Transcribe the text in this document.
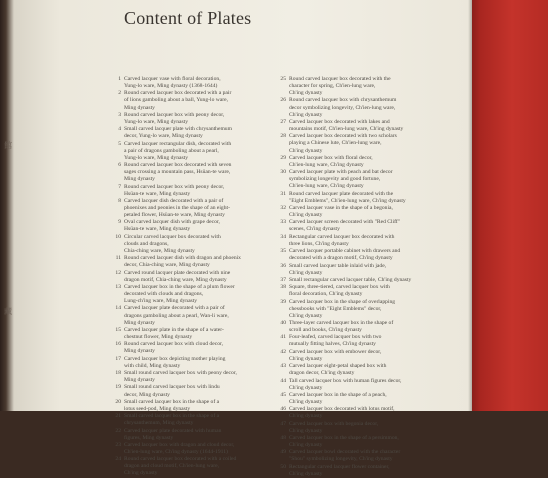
館
藏
Content of Plates
1 Carved lacquer vase with floral decoration,
Yung-lo ware, Ming dynasty (1368-1644)
2 Round carved lacquer box decorated with a pair
of lions gamboling about a ball, Yung-lo ware,
Ming dynasty
3 Round carved lacquer box with peony decor,
Yung-lo ware, Ming dynasty
4 Small carved lacquer plate with chrysanthemum
decor, Yung-lo ware, Ming dynasty
5 Carved lacquer rectangular dish, decorated with
a pair of dragons gamboling about a pearl,
Yung-lo ware, Ming dynasty
6 Round carved lacquer box decorated with seven
sages crossing a mountain pass, Hsüan-te ware,
Ming dynasty
7 Round carved lacquer box with peony decor,
Hsüan-te ware, Ming dynasty
8 Carved lacquer dish decorated with a pair of
phoenixes and peonies in the shape of an eight-
petaled flower, Hsüan-te ware, Ming dynasty
9 Oval carved lacquer dish with grape decor,
Hsüan-te ware, Ming dynasty
10 Circular carved lacquer box decorated with
clouds and dragons,
Chia-ching ware, Ming dynasty
11 Round carved lacquer dish with dragon and phoenix
decor, Chia-ching ware, Ming dynasty
12 Carved round lacquer plate decorated with nine
dragon motif, Chia-ching ware, Ming dynasty
13 Carved lacquer box in the shape of a plum flower
decorated with clouds and dragons,
Lung-ch'ing ware, Ming dynasty
14 Carved lacquer plate decorated with a pair of
dragons gamboling about a pearl, Wan-li ware,
Ming dynasty
15 Carved lacquer plate in the shape of a water-
chestnut flower, Ming dynasty
16 Round carved lacquer box with cloud decor,
Ming dynasty
17 Carved lacquer box depicting mother playing
with child, Ming dynasty
18 Small round carved lacquer box with peony decor,
Ming dynasty
19 Small round carved lacquer box with lindu
decor, Ming dynasty
20 Small carved lacquer box in the shape of a
lotus seed-pod, Ming dynasty
21 Small carved lacquer box in the shape of a
chrysanthemum, Ming dynasty
22 Carved lacquer plate decorated with human
figures, Ming dynasty
23 Carved lacquer box with dragon and cloud decor,
Ch'ien-lung ware, Ch'ing dynasty (1644-1911)
24 Round carved lacquer box decorated with a coiled
dragon and cloud motif, Ch'ien-lung ware,
Ch'ing dynasty
25 Round carved lacquer box decorated with the
character for spring, Ch'ien-lung ware,
Ch'ing dynasty
26 Round carved lacquer box with chrysanthemum
decor symbolizing longevity, Ch'ien-lung ware,
Ch'ing dynasty
27 Carved lacquer box decorated with lakes and
mountains motif, Ch'ien-lung ware, Ch'ing dynasty
28 Carved lacquer box decorated with two scholars
playing a Chinese lute, Ch'ien-lung ware,
Ch'ing dynasty
29 Carved lacquer box with floral decor,
Ch'ien-lung ware, Ch'ing dynasty
30 Carved lacquer plate with peach and bat decor
symbolizing longevity and good fortune,
Ch'ien-lung ware, Ch'ing dynasty
31 Round carved lacquer plate decorated with the
"Eight Emblems", Ch'ien-lung ware, Ch'ing dynasty
32 Carved lacquer vase in the shape of a begonia,
Ch'ing dynasty
33 Carved lacquer screen decorated with "Red Cliff"
scenes, Ch'ing dynasty
34 Rectangular carved lacquer box decorated with
three lions, Ch'ing dynasty
35 Carved lacquer portable cabinet with drawers and
decorated with a dragon motif, Ch'ing dynasty
36 Small carved lacquer table inlaid with jade,
Ch'ing dynasty
37 Small rectangular carved lacquer table, Ch'ing dynasty
38 Square, three-tiered, carved lacquer box with
floral decoration, Ch'ing dynasty
39 Carved lacquer box in the shape of overlapping
chessbooks with "Eight Emblems" decor,
Ch'ing dynasty
40 Three-layer carved lacquer box in the shape of
scroll and books, Ch'ing dynasty
41 Four-leafed, carved lacquer box with two
mutually fitting halves, Ch'ing dynasty
42 Carved lacquer box with embower decor,
Ch'ing dynasty
43 Carved lacquer eight-petal shaped box with
dragon decor, Ch'ing dynasty
44 Tall carved lacquer box with human figures decor,
Ch'ing dynasty
45 Carved lacquer box in the shape of a peach,
Ch'ing dynasty
46 Carved lacquer box decorated with lotus motif,
Ch'ing dynasty
47 Carved lacquer box with begonia decor,
Ch'ing dynasty
48 Carved lacquer box in the shape of a persimmon,
Ch'ing dynasty
49 Carved lacquer bowl decorated with the character
"Shou" symbolizing longevity, Ch'ing dynasty
50 Rectangular carved lacquer flower container,
Ch'ing dynasty
